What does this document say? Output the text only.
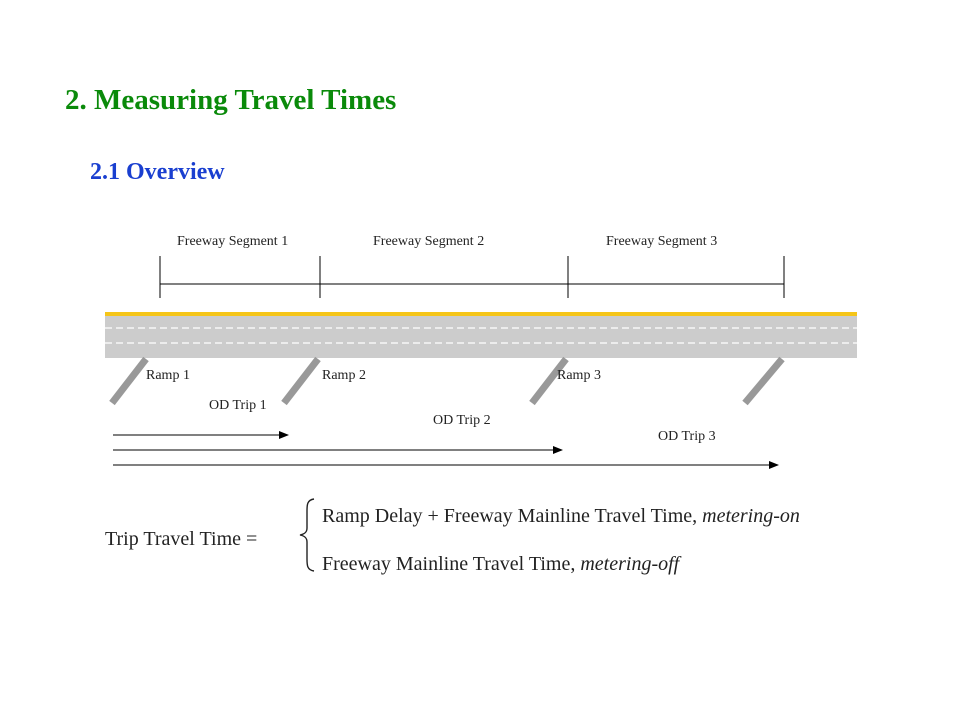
2. Measuring Travel Times
2.1 Overview
Freeway Segment 1	Freeway Segment 2	Freeway Segment 3
Ramp 1	Ramp 2	Ramp 3
OD Trip 1
OD Trip 2
OD Trip 3
Trip Travel Time =
Ramp Delay + Freeway Mainline Travel Time, metering-on
Freeway Mainline Travel Time, metering-off
